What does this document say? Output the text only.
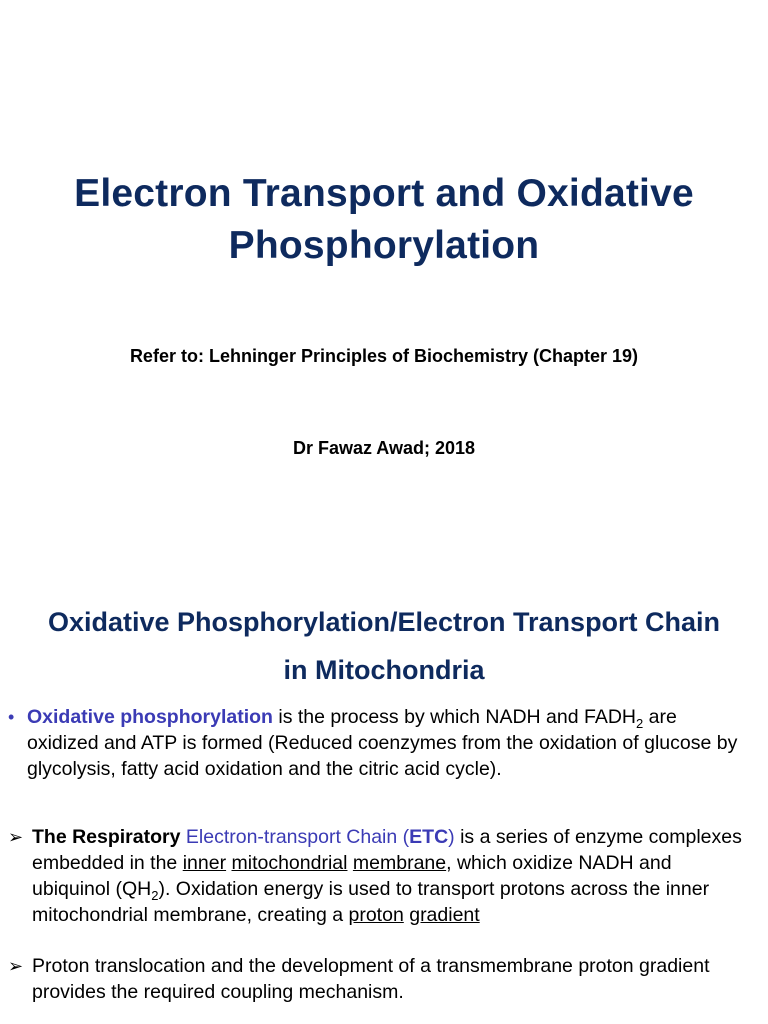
Electron Transport and Oxidative
Phosphorylation
Refer to: Lehninger Principles of Biochemistry (Chapter 19)
Dr Fawaz Awad; 2018
Oxidative Phosphorylation/Electron Transport Chain
in Mitochondria
• Oxidative phosphorylation is the process by which NADH and $FADH_2$ are oxidized and ATP is formed (Reduced coenzymes from the oxidation of glucose by glycolysis, fatty acid oxidation and the citric acid cycle).
➢ The Respiratory Electron-transport Chain (ETC) is a series of enzyme complexes embedded in the inner mitochondrial membrane, which oxidize NADH and ubiquinol $(QH_2)$. Oxidation energy is used to transport protons across the inner mitochondrial membrane, creating a proton gradient
➢ Proton translocation and the development of a transmembrane proton gradient provides the required coupling mechanism.
